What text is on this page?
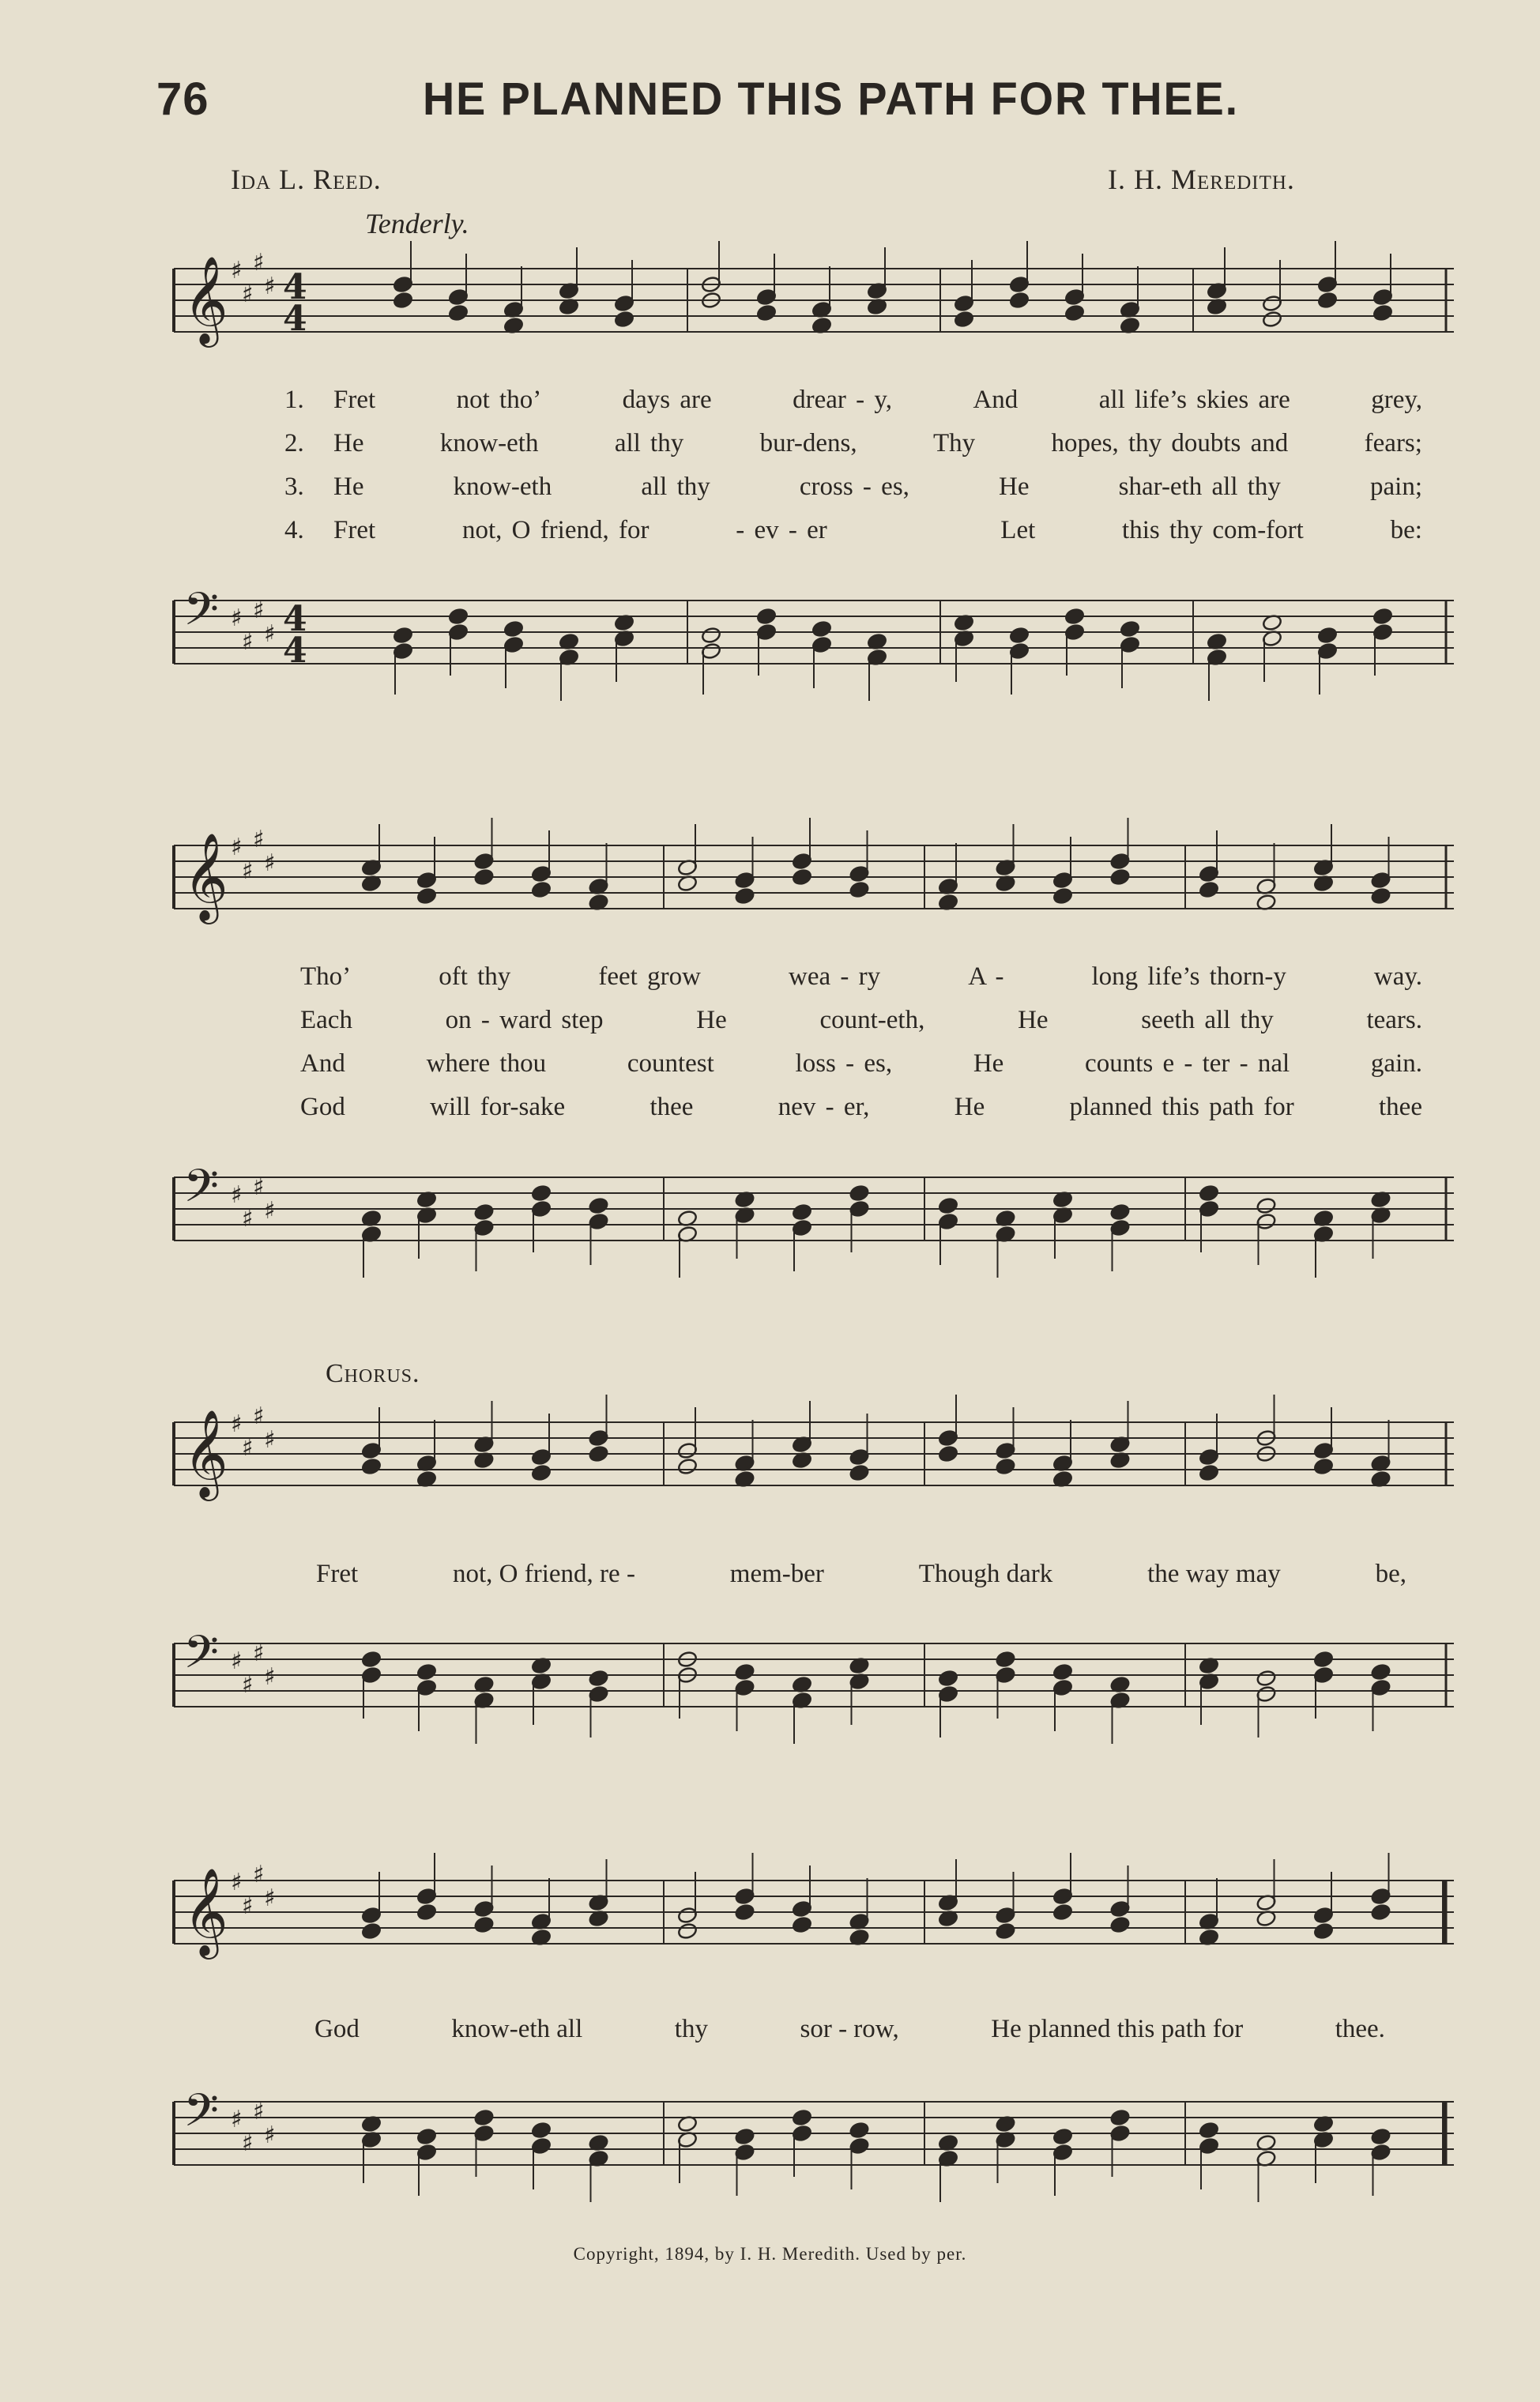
76	HE PLANNED THIS PATH FOR THEE.
Ida L. Reed.	I. H. Meredith.
Tenderly.
𝄞 ♯
♯
♯
♯ 4
4
1.	Fret	not tho’	days are	drear - y,	And	all life’s skies are	grey,
2.	He	know-eth	all thy	bur-dens,	Thy	hopes, thy doubts and	fears;
3.	He	know-eth	all thy	cross - es,	He	shar-eth all thy	pain;
4.	Fret	not, O friend, for	- ev - er	Let	this thy com-fort	be:
𝄢 ♯
♯
♯
♯ 4
4
𝄞 ♯
♯
♯
♯
Tho’	oft thy	feet grow	wea - ry	A -	long life’s thorn-y	way.
Each	on - ward step	He	count-eth,	He	seeth all thy	tears.
And	where thou	countest	loss - es,	He	counts e - ter - nal	gain.
God	will for-sake	thee	nev - er,	He	planned this path for	thee
𝄢 ♯
♯
♯
♯
Chorus.
𝄞 ♯
♯
♯
♯
Fret	not, O friend, re -	mem-ber	Though dark	the way may	be,
𝄢 ♯
♯
♯
♯
𝄞 ♯
♯
♯
♯
God	know-eth all	thy	sor - row,	He planned this path for	thee.
𝄢 ♯
♯
♯
♯
Copyright, 1894, by I. H. Meredith. Used by per.
